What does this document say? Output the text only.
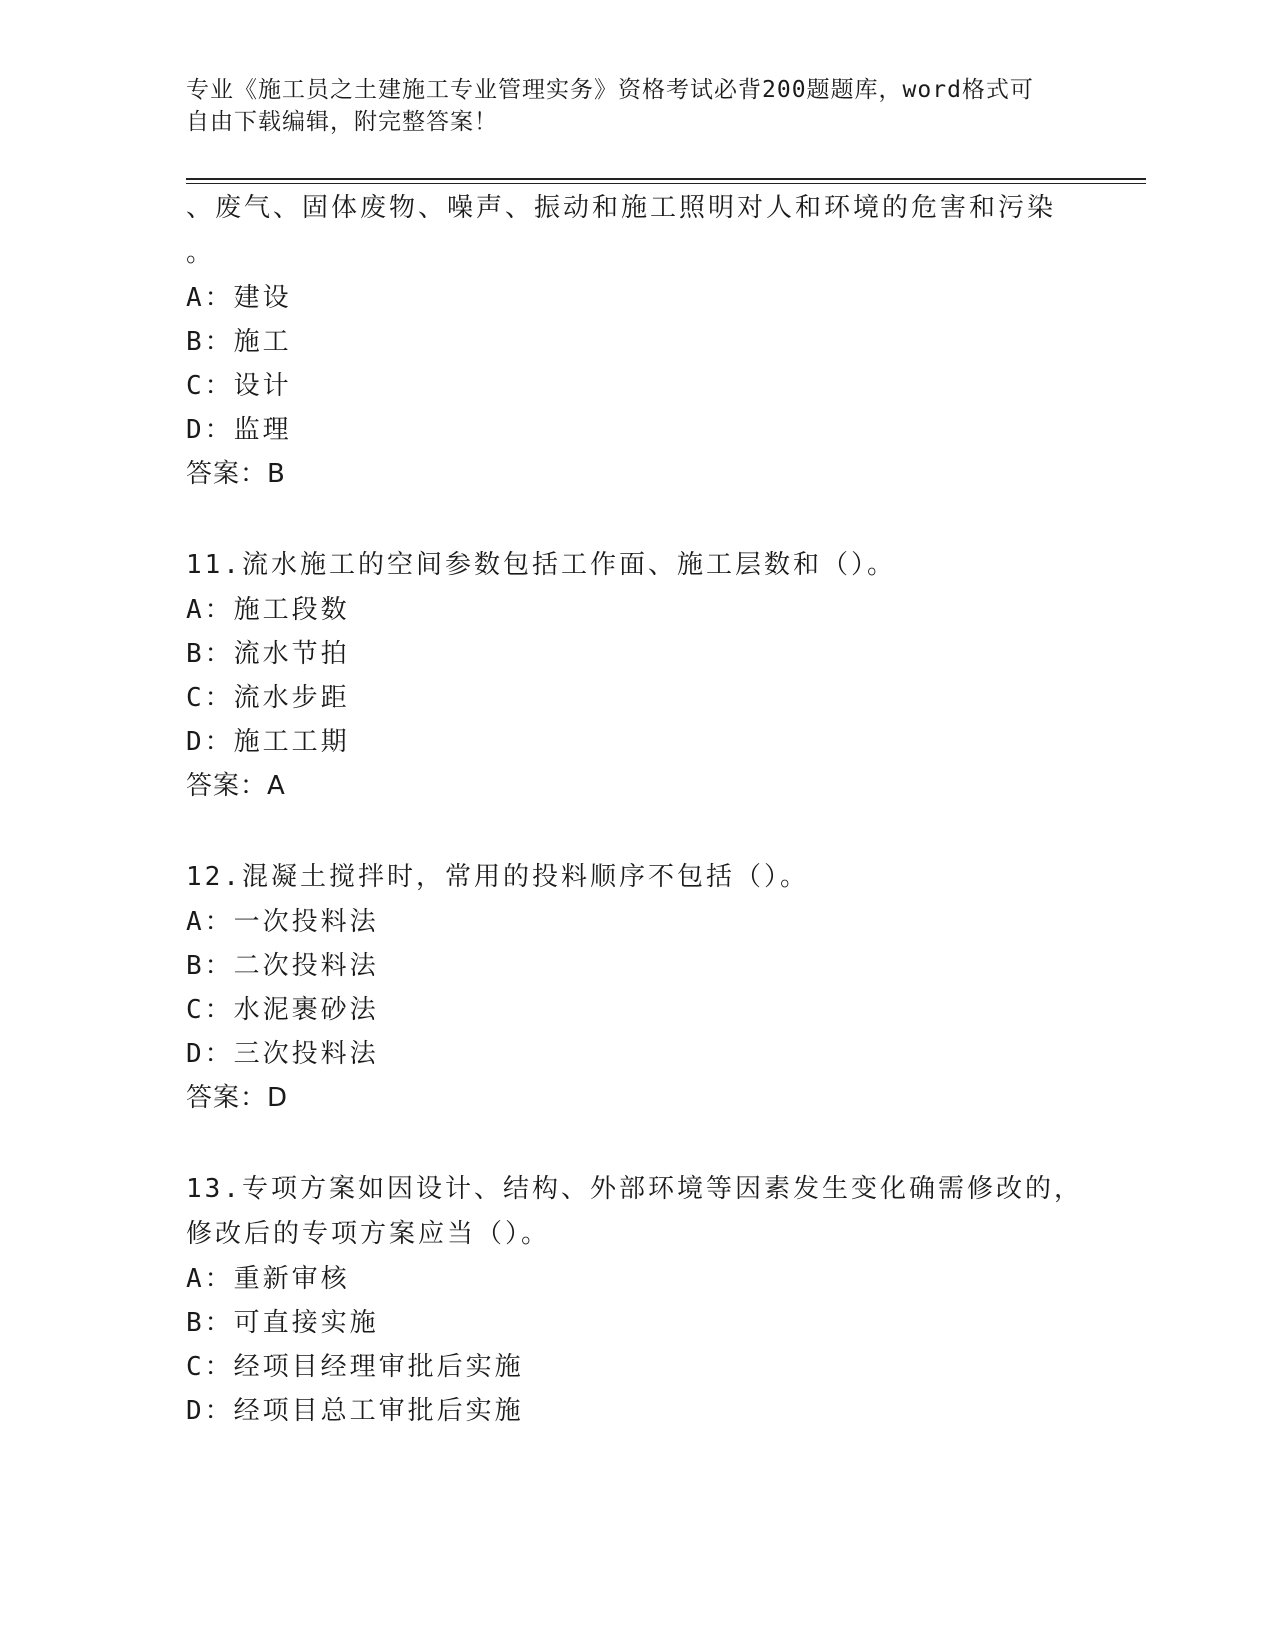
专业《施工员之土建施工专业管理实务》资格考试必背200题题库，word格式可
自由下载编辑，附完整答案！
、废气、固体废物、噪声、振动和施工照明对人和环境的危害和污染
。
A：建设
B：施工
C：设计
D：监理
答案：B
11.流水施工的空间参数包括工作面、施工层数和（）。
A：施工段数
B：流水节拍
C：流水步距
D：施工工期
答案：A
12.混凝土搅拌时，常用的投料顺序不包括（）。
A：一次投料法
B：二次投料法
C：水泥裹砂法
D：三次投料法
答案：D
13.专项方案如因设计、结构、外部环境等因素发生变化确需修改的，
修改后的专项方案应当（）。
A：重新审核
B：可直接实施
C：经项目经理审批后实施
D：经项目总工审批后实施
